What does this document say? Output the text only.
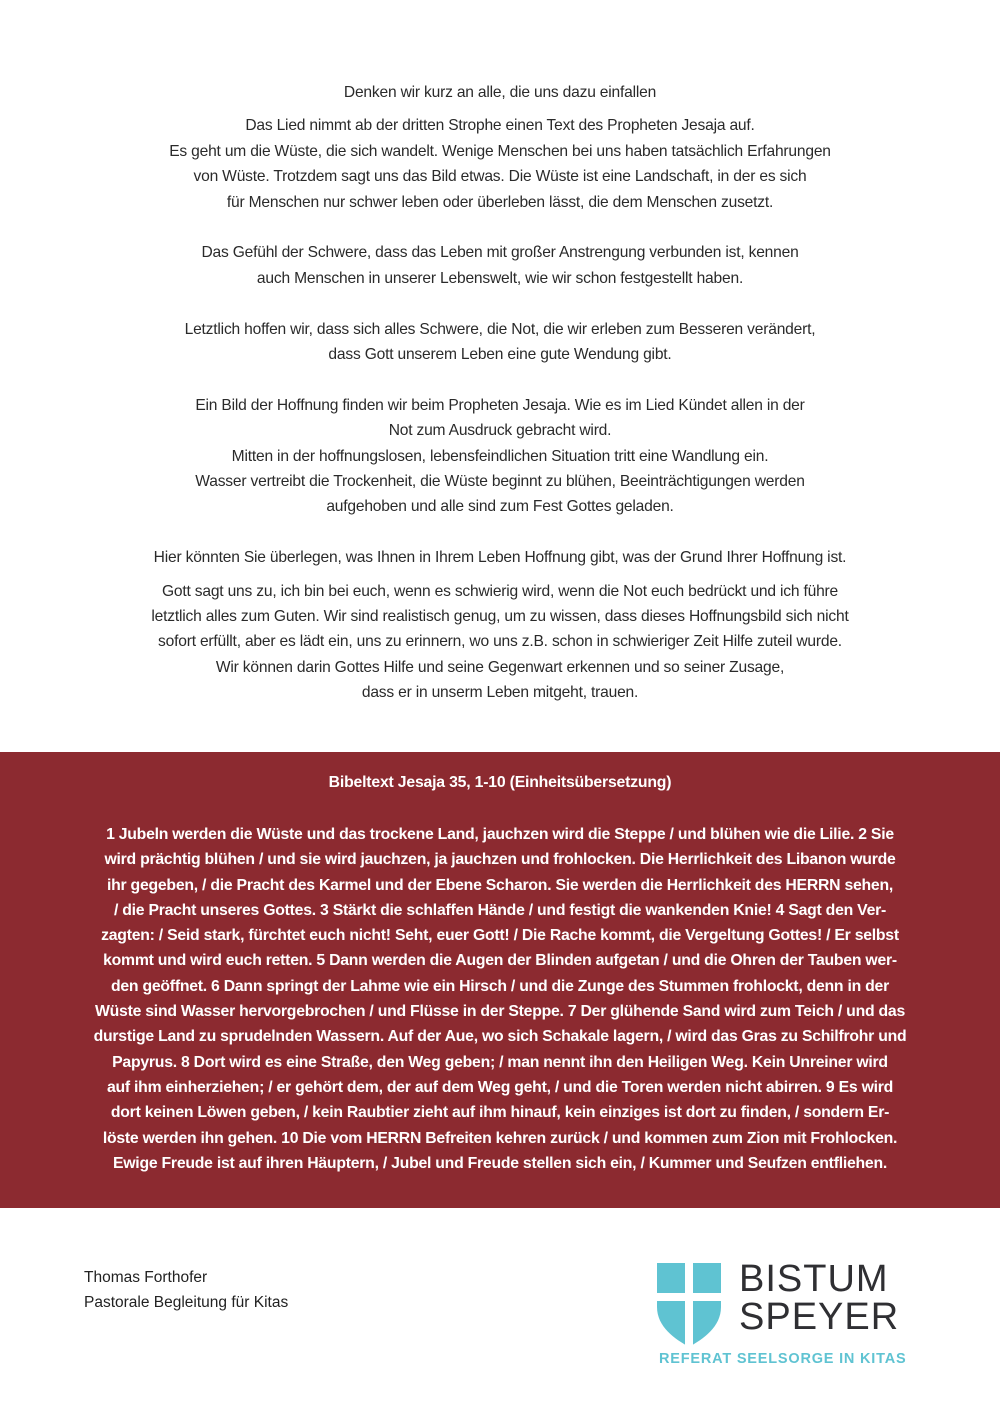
Denken wir kurz an alle, die uns dazu einfallen

Das Lied nimmt ab der dritten Strophe einen Text des Propheten Jesaja auf.
Es geht um die Wüste, die sich wandelt. Wenige Menschen bei uns haben tatsächlich Erfahrungen
von Wüste. Trotzdem sagt uns das Bild etwas. Die Wüste ist eine Landschaft, in der es sich
für Menschen nur schwer leben oder überleben lässt, die dem Menschen zusetzt.

Das Gefühl der Schwere, dass das Leben mit großer Anstrengung verbunden ist, kennen
auch Menschen in unserer Lebenswelt, wie wir schon festgestellt haben.

Letztlich hoffen wir, dass sich alles Schwere, die Not, die wir erleben zum Besseren verändert,
dass Gott unserem Leben eine gute Wendung gibt.

Ein Bild der Hoffnung finden wir beim Propheten Jesaja. Wie es im Lied Kündet allen in der
Not zum Ausdruck gebracht wird.
Mitten in der hoffnungslosen, lebensfeindlichen Situation tritt eine Wandlung ein.
Wasser vertreibt die Trockenheit, die Wüste beginnt zu blühen, Beeinträchtigungen werden
aufgehoben und alle sind zum Fest Gottes geladen.

Hier könnten Sie überlegen, was Ihnen in Ihrem Leben Hoffnung gibt, was der Grund Ihrer Hoffnung ist.

Gott sagt uns zu, ich bin bei euch, wenn es schwierig wird, wenn die Not euch bedrückt und ich führe
letztlich alles zum Guten. Wir sind realistisch genug, um zu wissen, dass dieses Hoffnungsbild sich nicht
sofort erfüllt, aber es lädt ein, uns zu erinnern, wo uns z.B. schon in schwieriger Zeit Hilfe zuteil wurde.
Wir können darin Gottes Hilfe und seine Gegenwart erkennen und so seiner Zusage,
dass er in unserm Leben mitgeht, trauen.

Bibeltext Jesaja 35, 1-10 (Einheitsübersetzung)
1 Jubeln werden die Wüste und das trockene Land, jauchzen wird die Steppe / und blühen wie die Lilie. 2 Sie
wird prächtig blühen / und sie wird jauchzen, ja jauchzen und frohlocken. Die Herrlichkeit des Libanon wurde
ihr gegeben, / die Pracht des Karmel und der Ebene Scharon. Sie werden die Herrlichkeit des HERRN sehen,
/ die Pracht unseres Gottes. 3 Stärkt die schlaffen Hände / und festigt die wankenden Knie! 4 Sagt den Ver-
zagten: / Seid stark, fürchtet euch nicht! Seht, euer Gott! / Die Rache kommt, die Vergeltung Gottes! / Er selbst
kommt und wird euch retten. 5 Dann werden die Augen der Blinden aufgetan / und die Ohren der Tauben wer-
den geöffnet. 6 Dann springt der Lahme wie ein Hirsch / und die Zunge des Stummen frohlockt, denn in der
Wüste sind Wasser hervorgebrochen / und Flüsse in der Steppe. 7 Der glühende Sand wird zum Teich / und das
durstige Land zu sprudelnden Wassern. Auf der Aue, wo sich Schakale lagern, / wird das Gras zu Schilfrohr und
Papyrus. 8 Dort wird es eine Straße, den Weg geben; / man nennt ihn den Heiligen Weg. Kein Unreiner wird
auf ihm einherziehen; / er gehört dem, der auf dem Weg geht, / und die Toren werden nicht abirren. 9 Es wird
dort keinen Löwen geben, / kein Raubtier zieht auf ihm hinauf, kein einziges ist dort zu finden, / sondern Er-
löste werden ihn gehen. 10 Die vom HERRN Befreiten kehren zurück / und kommen zum Zion mit Frohlocken.
Ewige Freude ist auf ihren Häuptern, / Jubel und Freude stellen sich ein, / Kummer und Seufzen entfliehen.
Thomas Forthofer
Pastorale Begleitung für Kitas
BISTUM
SPEYER
REFERAT SEELSORGE IN KITAS
